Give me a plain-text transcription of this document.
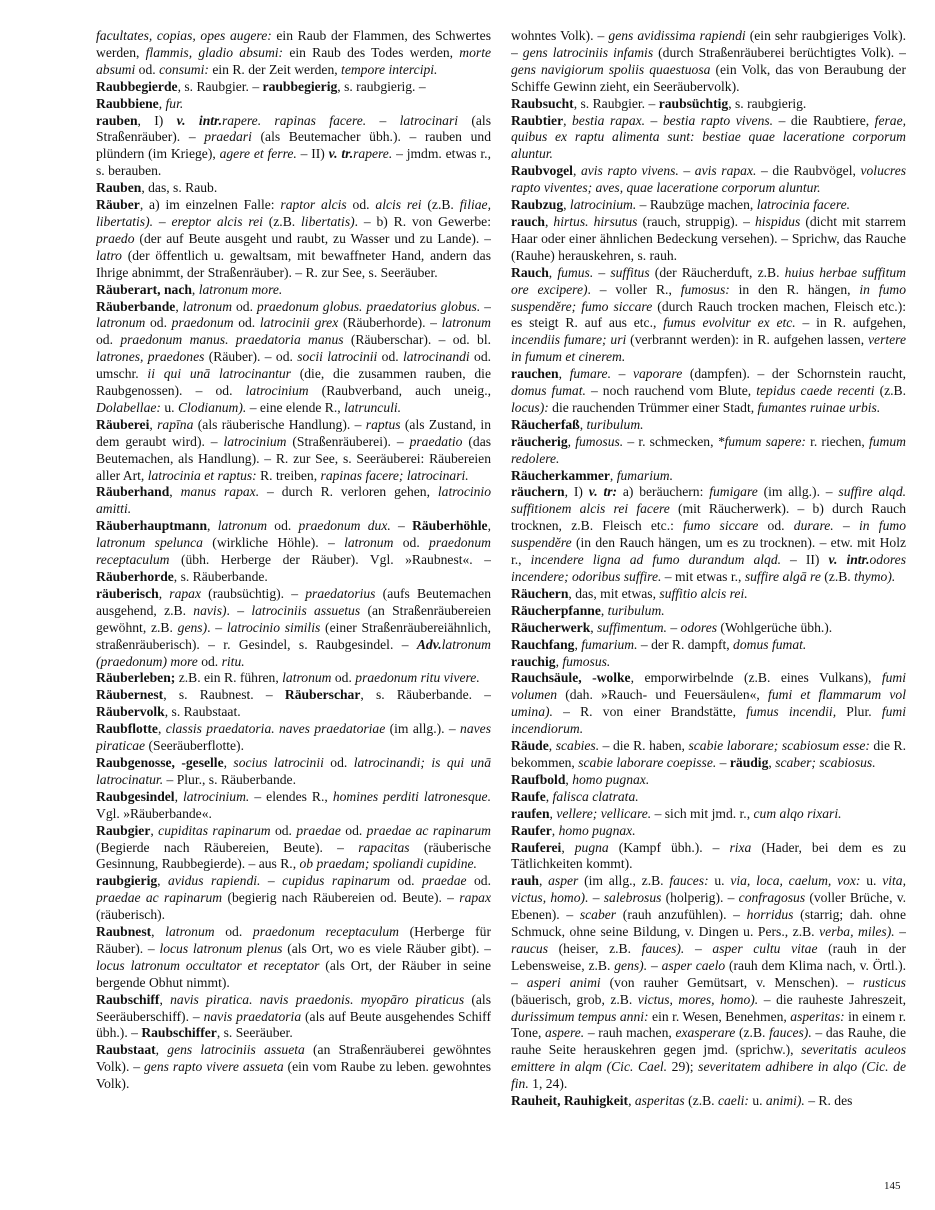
facultates, copias, opes augere: ein Raub der Flammen, des Schwertes werden, flammis, gladio absumi: ein Raub des Todes werden, morte absumi od. consumi: ein R. der Zeit werden, tempore intercipi.

Raubbegierde, s. Raubgier. – raubbegierig, s. raubgierig. –

Raubbiene, fur.

rauben, I) v. intr.rapere. rapinas facere. – latrocinari (als Straßenräuber). – praedari (als Beutemacher übh.). – rauben und plündern (im Kriege), agere et ferre. – II) v. tr.rapere. – jmdm. etwas r., s. berauben.

Rauben, das, s. Raub.

Räuber, a) im einzelnen Falle: raptor alcis od. alcis rei (z.B. filiae, libertatis). – ereptor alcis rei (z.B. libertatis). – b) R. von Gewerbe: praedo (der auf Beute ausgeht und raubt, zu Wasser und zu Lande). – latro (der öffentlich u. gewaltsam, mit bewaffneter Hand, andern das Ihrige abnimmt, der Straßenräuber). – R. zur See, s. Seeräuber.

Räuberart, nach, latronum more.

Räuberbande, latronum od. praedonum globus. praedatorius globus. – latronum od. praedonum od. latrocinii grex (Räuberhorde). – latronum od. praedonum manus. praedatoria manus (Räuberschar). – od. bl. latrones, praedones (Räuber). – od. socii latrocinii od. latrocinandi od. umschr. ii qui unā latrocinantur (die, die zusammen rauben, die Raubgenossen). – od. latrocinium (Raubverband, auch uneig., Dolabellae: u. Clodianum). – eine elende R., latrunculi.

Räuberei, rapīna (als räuberische Handlung). – raptus (als Zustand, in dem geraubt wird). – latrocinium (Straßenräuberei). – praedatio (das Beutemachen, als Handlung). – R. zur See, s. Seeräuberei: Räubereien aller Art, latrocinia et raptus: R. treiben, rapinas facere; latrocinari.

Räuberhand, manus rapax. – durch R. verloren gehen, latrocinio amitti.

Räuberhauptmann, latronum od. praedonum dux. – Räuberhöhle, latronum spelunca (wirkliche Höhle). – latronum od. praedonum receptaculum (übh. Herberge der Räuber). Vgl. »Raubnest«. – Räuberhorde, s. Räuberbande.

räuberisch, rapax (raubsüchtig). – praedatorius (aufs Beutemachen ausgehend, z.B. navis). – latrociniis assuetus (an Straßenräubereien gewöhnt, z.B. gens). – latrocinio similis (einer Straßenräubereiähnlich, straßenräuberisch). – r. Gesindel, s. Raubgesindel. – Adv.latronum (praedonum) more od. ritu.

Räuberleben; z.B. ein R. führen, latronum od. praedonum ritu vivere.

Räubernest, s. Raubnest. – Räuberschar, s. Räuberbande. – Räubervolk, s. Raubstaat.

Raubflotte, classis praedatoria. naves praedatoriae (im allg.). – naves piraticae (Seeräuberflotte).

Raubgenosse, -geselle, socius latrocinii od. latrocinandi; is qui unā latrocinatur. – Plur., s. Räuberbande.

Raubgesindel, latrocinium. – elendes R., homines perditi latronesque. Vgl. »Räuberbande«.

Raubgier, cupiditas rapinarum od. praedae od. praedae ac rapinarum (Begierde nach Räubereien, Beute). – rapacitas (räuberische Gesinnung, Raubbegierde). – aus R., ob praedam; spoliandi cupidine.

raubgierig, avidus rapiendi. – cupidus rapinarum od. praedae od. praedae ac rapinarum (begierig nach Räubereien od. Beute). – rapax (räuberisch).

Raubnest, latronum od. praedonum receptaculum (Herberge für Räuber). – locus latronum plenus (als Ort, wo es viele Räuber gibt). – locus latronum occultator et receptator (als Ort, der Räuber in seine bergende Obhut nimmt).

Raubschiff, navis piratica. navis praedonis. myopāro piraticus (als Seeräuberschiff). – navis praedatoria (als auf Beute ausgehendes Schiff übh.). – Raubschiffer, s. Seeräuber.

Raubstaat, gens latrociniis assueta (an Straßenräuberei gewöhntes Volk). – gens rapto vivere assueta (ein vom Raube zu leben. gewohntes Volk).

wohntes Volk). – gens avidissima rapiendi (ein sehr raubgieriges Volk). – gens latrociniis infamis (durch Straßenräuberei berüchtigtes Volk). – gens navigiorum spoliis quaestuosa (ein Volk, das von Beraubung der Schiffe Gewinn zieht, ein Seeräubervolk).

Raubsucht, s. Raubgier. – raubsüchtig, s. raubgierig.

Raubtier, bestia rapax. – bestia rapto vivens. – die Raubtiere, ferae, quibus ex raptu alimenta sunt: bestiae quae laceratione corporum aluntur.

Raubvogel, avis rapto vivens. – avis rapax. – die Raubvögel, volucres rapto viventes; aves, quae laceratione corporum aluntur.

Raubzug, latrocinium. – Raubzüge machen, latrocinia facere.

rauch, hirtus. hirsutus (rauch, struppig). – hispidus (dicht mit starrem Haar oder einer ähnlichen Bedeckung versehen). – Sprichw, das Rauche (Rauhe) herauskehren, s. rauh.

Rauch, fumus. – suffitus (der Räucherduft, z.B. huius herbae suffitum ore excipere). – voller R., fumosus: in den R. hängen, in fumo suspendĕre; fumo siccare (durch Rauch trocken machen, Fleisch etc.): es steigt R. auf aus etc., fumus evolvitur ex etc. – in R. aufgehen, incendiis fumare; uri (verbrannt werden): in R. aufgehen lassen, vertere in fumum et cinerem.

rauchen, fumare. – vaporare (dampfen). – der Schornstein raucht, domus fumat. – noch rauchend vom Blute, tepidus caede recenti (z.B. locus): die rauchenden Trümmer einer Stadt, fumantes ruinae urbis.

Räucherfaß, turibulum.

räucherig, fumosus. – r. schmecken, *fumum sapere: r. riechen, fumum redolere.

Räucherkammer, fumarium.

räuchern, I) v. tr: a) beräuchern: fumigare (im allg.). – suffire alqd. suffitionem alcis rei facere (mit Räucherwerk). – b) durch Rauch trocknen, z.B. Fleisch etc.: fumo siccare od. durare. – in fumo suspendĕre (in den Rauch hängen, um es zu trocknen). – etw. mit Holz r., incendere ligna ad fumo durandum alqd. – II) v. intr.odores incendere; odoribus suffire. – mit etwas r., suffire algā re (z.B. thymo).

Räuchern, das, mit etwas, suffitio alcis rei.

Räucherpfanne, turibulum.

Räucherwerk, suffimentum. – odores (Wohlgerüche übh.).

Rauchfang, fumarium. – der R. dampft, domus fumat.

rauchig, fumosus.

Rauchsäule, -wolke, emporwirbelnde (z.B. eines Vulkans), fumi volumen (dah. »Rauch- und Feuersäulen«, fumi et flammarum vol umina). – R. von einer Brandstätte, fumus incendii, Plur. fumi incendiorum.

Räude, scabies. – die R. haben, scabie laborare; scabiosum esse: die R. bekommen, scabie laborare coepisse. – räudig, scaber; scabiosus.

Raufbold, homo pugnax.

Raufe, falisca clatrata.

raufen, vellere; vellicare. – sich mit jmd. r., cum alqo rixari.

Raufer, homo pugnax.

Rauferei, pugna (Kampf übh.). – rixa (Hader, bei dem es zu Tätlichkeiten kommt).

rauh, asper (im allg., z.B. fauces: u. via, loca, caelum, vox: u. vita, victus, homo). – salebrosus (holperig). – confragosus (voller Brüche, v. Ebenen). – scaber (rauh anzufühlen). – horridus (starrig; dah. ohne Schmuck, ohne seine Bildung, v. Dingen u. Pers., z.B. verba, miles). – raucus (heiser, z.B. fauces). – asper cultu vitae (rauh in der Lebensweise, z.B. gens). – asper caelo (rauh dem Klima nach, v. Örtl.). – asperi animi (von rauher Gemütsart, v. Menschen). – rusticus (bäuerisch, grob, z.B. victus, mores, homo). – die rauheste Jahreszeit, durissimum tempus anni: ein r. Wesen, Benehmen, asperitas: in einem r. Tone, aspere. – rauh machen, exasperare (z.B. fauces). – das Rauhe, die rauhe Seite herauskehren gegen jmd. (sprichw.), severitatis aculeos emittere in alqm (Cic. Cael. 29); severitatem adhibere in alqo (Cic. de fin. 1, 24).

Rauheit, Rauhigkeit, asperitas (z.B. caeli: u. animi). – R. des

145
